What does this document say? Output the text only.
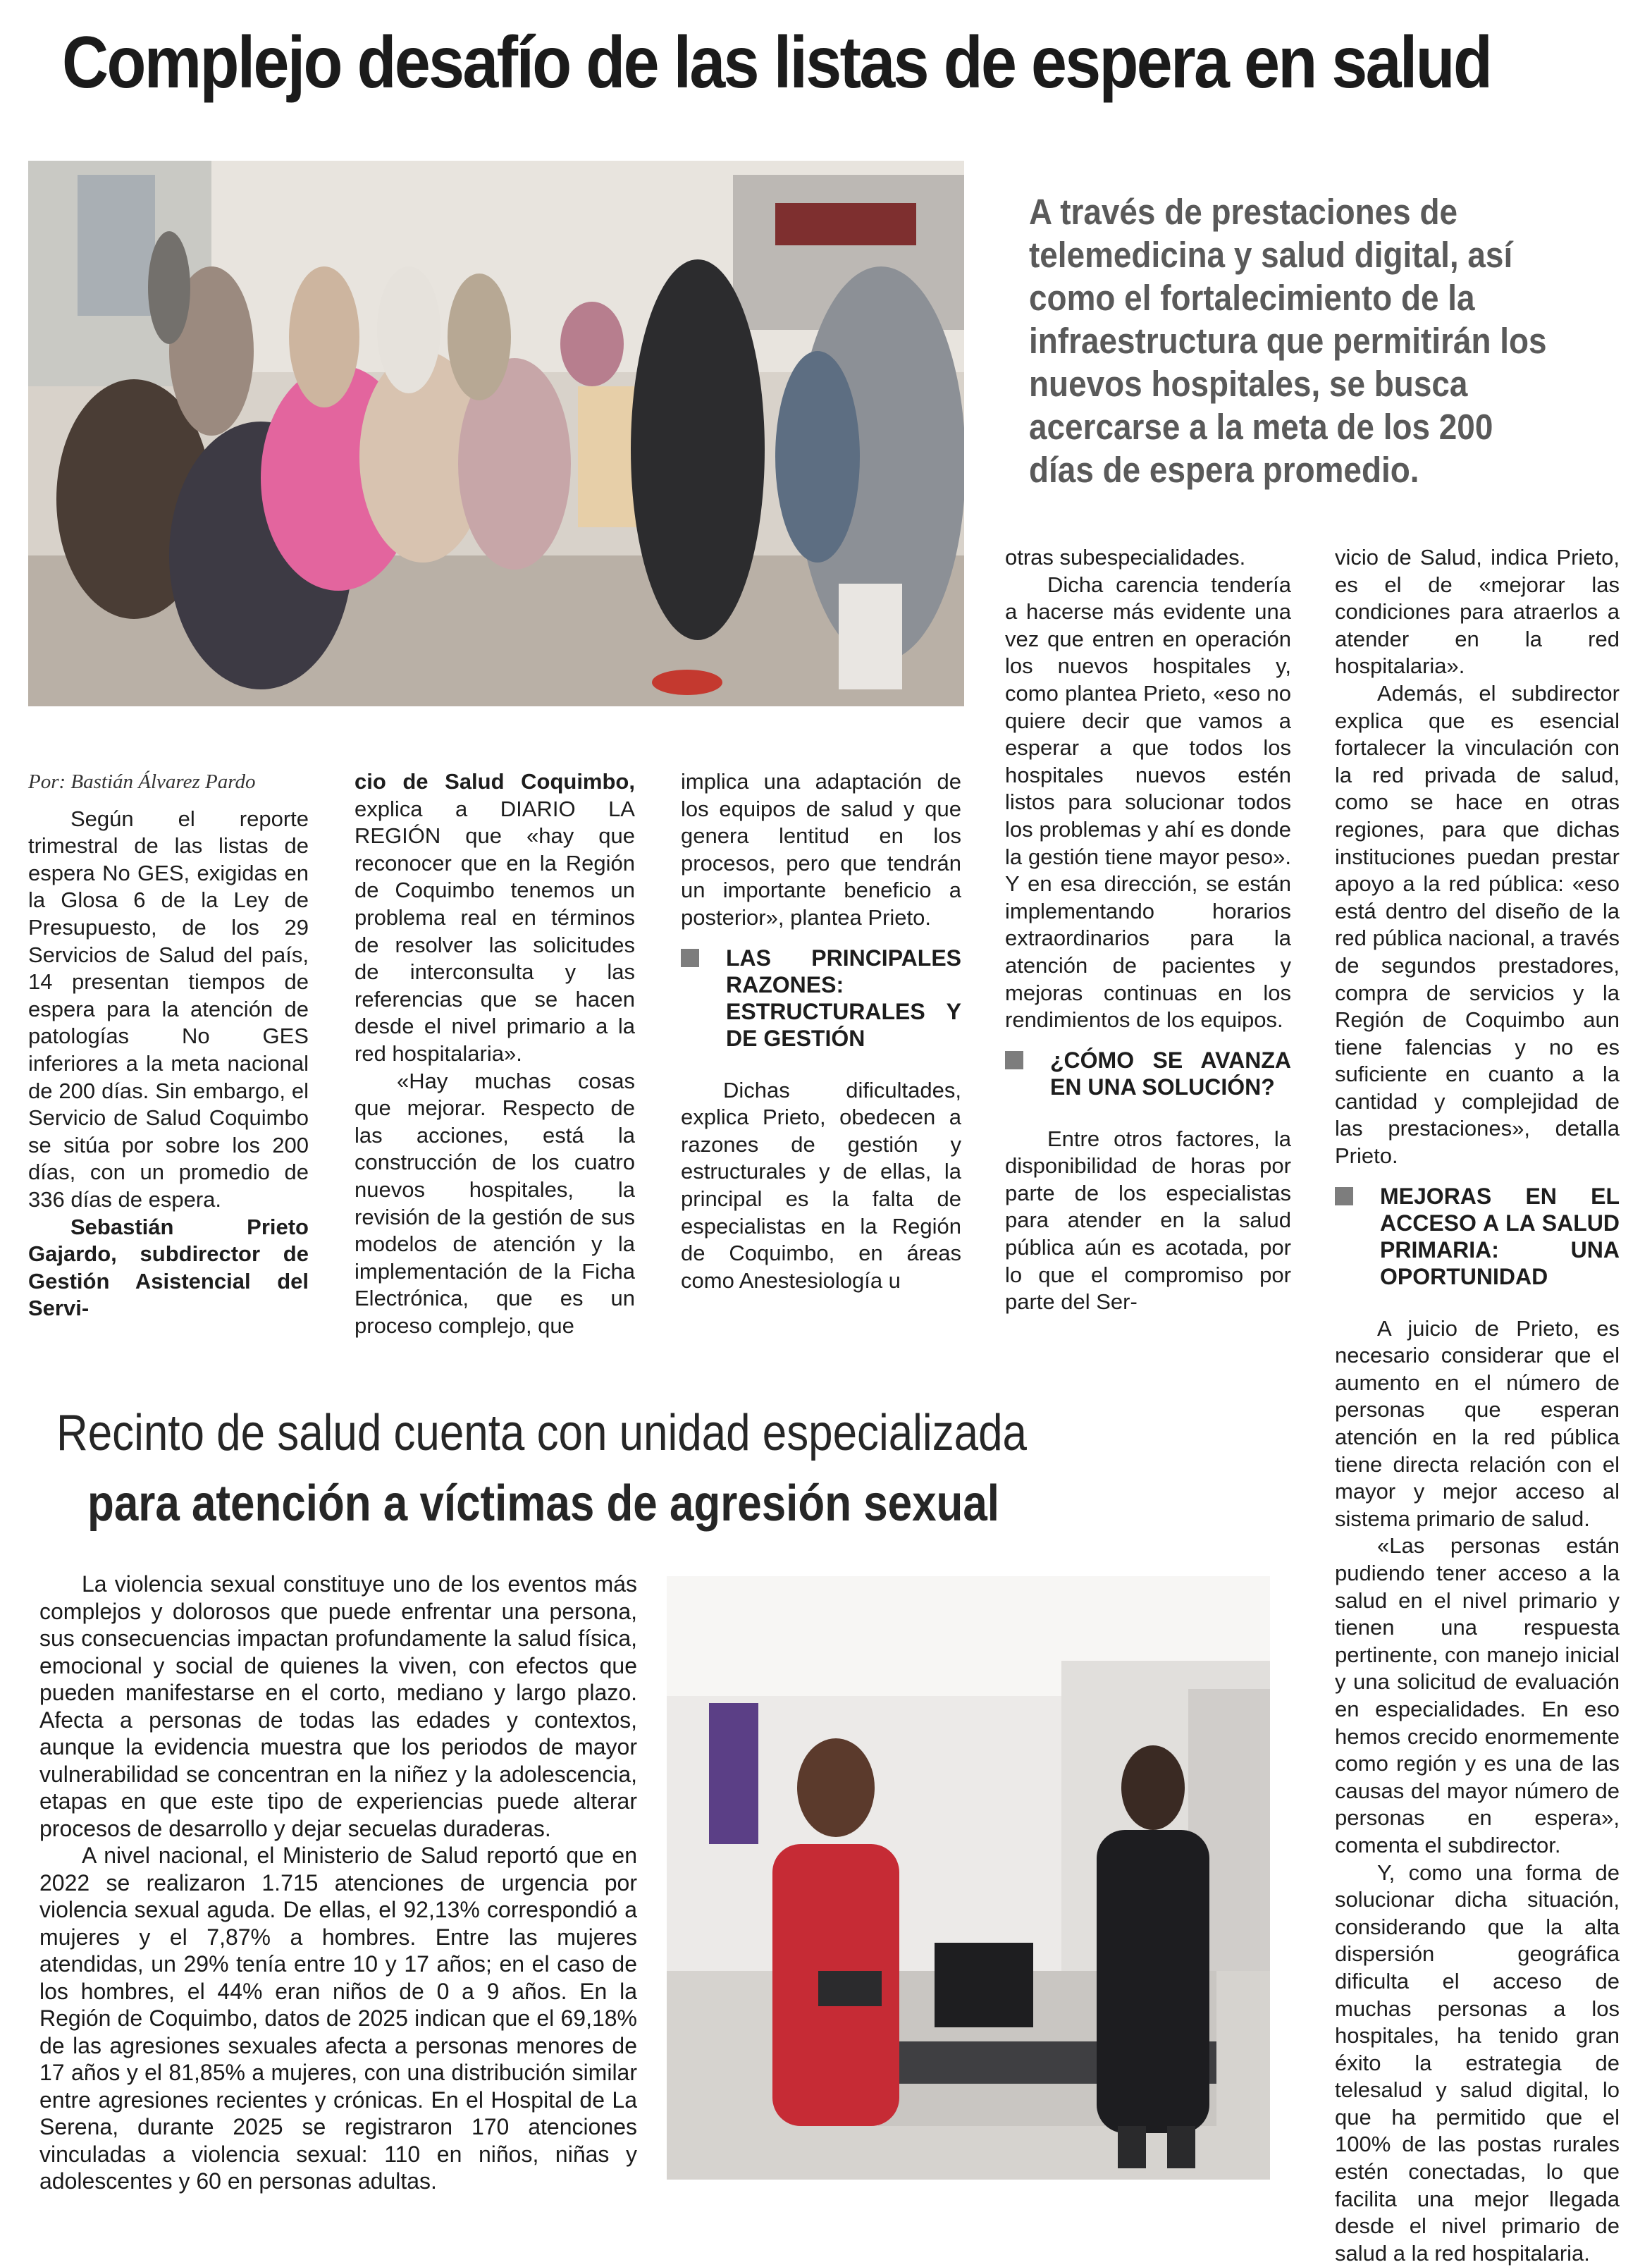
Complejo desafío de las listas de espera en salud
A través de prestaciones de telemedicina y salud digital, así como el fortalecimiento de la infraestructura que permitirán los nuevos hospitales, se busca acercarse a la meta de los 200 días de espera promedio.
Por: Bastián Álvarez Pardo

Según el reporte trimestral de las listas de espera No GES, exigidas en la Glosa 6 de la Ley de Presupuesto, de los 29 Servicios de Salud del país, 14 presentan tiempos de espera para la atención de patologías No GES inferiores a la meta nacional de 200 días. Sin embargo, el Servicio de Salud Coquimbo se sitúa por sobre los 200 días, con un promedio de 336 días de espera.

Sebastián Prieto Gajardo, subdirector de Gestión Asistencial del Servi-

cio de Salud Coquimbo, explica a DIARIO LA REGIÓN que «hay que reconocer que en la Región de Coquimbo tenemos un problema real en términos de resolver las solicitudes de interconsulta y las referencias que se hacen desde el nivel primario a la red hospitalaria».

«Hay muchas cosas que mejorar. Respecto de las acciones, está la construcción de los cuatro nuevos hospitales, la revisión de la gestión de sus modelos de atención y la implementación de la Ficha Electrónica, que es un proceso complejo, que

implica una adaptación de los equipos de salud y que genera lentitud en los procesos, pero que tendrán un importante beneficio a posterior», plantea Prieto.

LAS PRINCIPALES RAZONES: ESTRUCTURALES Y DE GESTIÓN

Dichas dificultades, explica Prieto, obedecen a razones de gestión y estructurales y de ellas, la principal es la falta de especialistas en la Región de Coquimbo, en áreas como Anestesiología u

otras subespecialidades.

Dicha carencia tendería a hacerse más evidente una vez que entren en operación los nuevos hospitales y, como plantea Prieto, «eso no quiere decir que vamos a esperar a que todos los hospitales nuevos estén listos para solucionar todos los problemas y ahí es donde la gestión tiene mayor peso». Y en esa dirección, se están implementando horarios extraordinarios para la atención de pacientes y mejoras continuas en los rendimientos de los equipos.

¿CÓMO SE AVANZA EN UNA SOLUCIÓN?

Entre otros factores, la disponibilidad de horas por parte de los especialistas para atender en la salud pública aún es acotada, por lo que el compromiso por parte del Ser-

vicio de Salud, indica Prieto, es el de «mejorar las condiciones para atraerlos a atender en la red hospitalaria».

Además, el subdirector explica que es esencial fortalecer la vinculación con la red privada de salud, como se hace en otras regiones, para que dichas instituciones puedan prestar apoyo a la red pública: «eso está dentro del diseño de la red pública nacional, a través de segundos prestadores, compra de servicios y la Región de Coquimbo aun tiene falencias y no es suficiente en cuanto a la cantidad y complejidad de las prestaciones», detalla Prieto.

MEJORAS EN EL ACCESO A LA SALUD PRIMARIA: UNA OPORTUNIDAD

A juicio de Prieto, es necesario considerar que el aumento en el número de personas que esperan atención en la red pública tiene directa relación con el mayor y mejor acceso al sistema primario de salud.

«Las personas están pudiendo tener acceso a la salud en el nivel primario y tienen una respuesta pertinente, con manejo inicial y una solicitud de evaluación en especialidades. En eso hemos crecido enormemente como región y es una de las causas del mayor número de personas en espera», comenta el subdirector.

Y, como una forma de solucionar dicha situación, considerando que la alta dispersión geográfica dificulta el acceso de muchas personas a los hospitales, ha tenido gran éxito la estrategia de telesalud y salud digital, lo que ha permitido que el 100% de las postas rurales estén conectadas, lo que facilita una mejor llegada desde el nivel primario de salud a la red hospitalaria.

Recinto de salud cuenta con unidad especializada
para atención a víctimas de agresión sexual

La violencia sexual constituye uno de los eventos más complejos y dolorosos que puede enfrentar una persona, sus consecuencias impactan profundamente la salud física, emocional y social de quienes la viven, con efectos que pueden manifestarse en el corto, mediano y largo plazo. Afecta a personas de todas las edades y contextos, aunque la evidencia muestra que los periodos de mayor vulnerabilidad se concentran en la niñez y la adolescencia, etapas en que este tipo de experiencias puede alterar procesos de desarrollo y dejar secuelas duraderas.

A nivel nacional, el Ministerio de Salud reportó que en 2022 se realizaron 1.715 atenciones de urgencia por violencia sexual aguda. De ellas, el 92,13% correspondió a mujeres y el 7,87% a hombres. Entre las mujeres atendidas, un 29% tenía entre 10 y 17 años; en el caso de los hombres, el 44% eran niños de 0 a 9 años. En la Región de Coquimbo, datos de 2025 indican que el 69,18% de las agresiones sexuales afecta a personas menores de 17 años y el 81,85% a mujeres, con una distribución similar entre agresiones recientes y crónicas. En el Hospital de La Serena, durante 2025 se registraron 170 atenciones vinculadas a violencia sexual: 110 en niños, niñas y adolescentes y 60 en personas adultas.
